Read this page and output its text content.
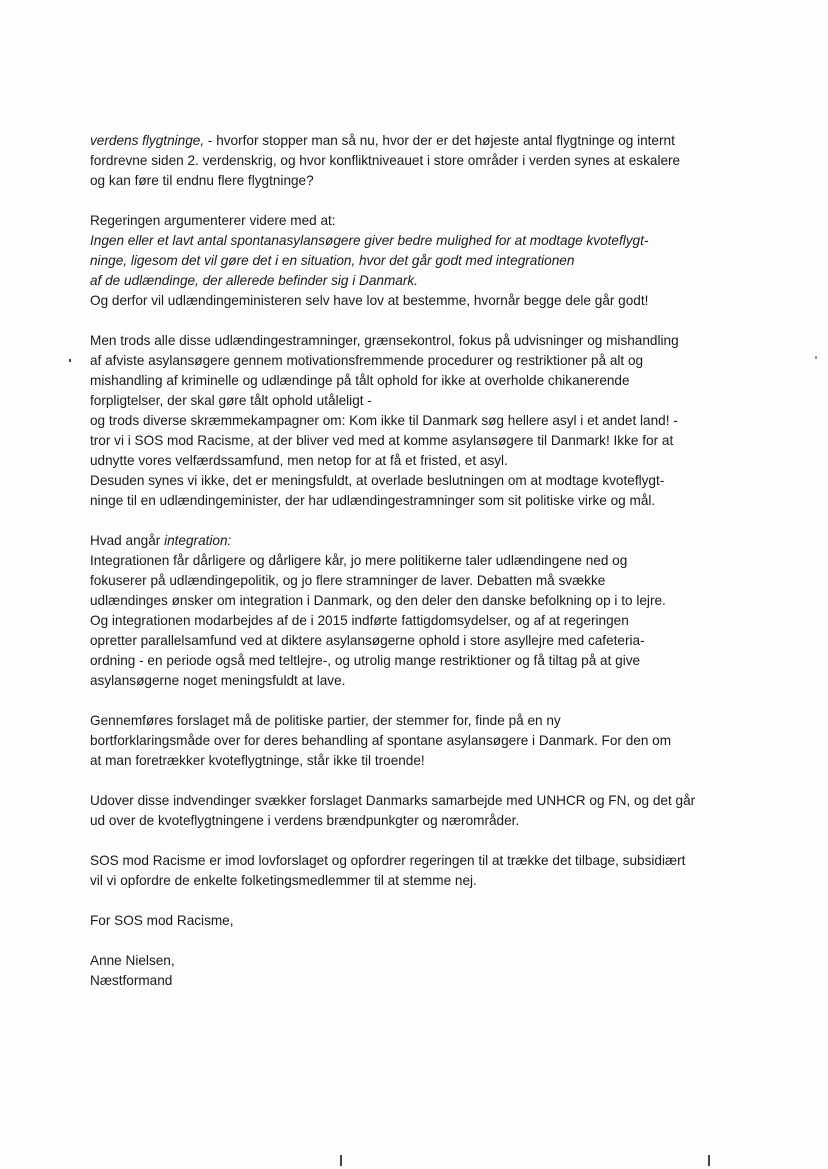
verdens flygtninge, - hvorfor stopper man så nu, hvor der er det højeste antal flygtninge og internt
fordrevne siden 2. verdenskrig, og hvor konfliktniveauet i store områder i verden synes at eskalere
og kan føre til endnu flere flygtninge?

Regeringen argumenterer videre med at:
Ingen eller et lavt antal spontanasylansøgere giver bedre mulighed for at modtage kvoteflygt-
ninge, ligesom det vil gøre det i en situation, hvor det går godt med integrationen
af de udlændinge, der allerede befinder sig i Danmark.
Og derfor vil udlændingeministeren selv have lov at bestemme, hvornår begge dele går godt!

Men trods alle disse udlændingestramninger, grænsekontrol, fokus på udvisninger og mishandling
af afviste asylansøgere gennem motivationsfremmende procedurer og restriktioner på alt og
mishandling af kriminelle og udlændinge på tålt ophold for ikke at overholde chikanerende
forpligtelser, der skal gøre tålt ophold utåleligt -
og trods diverse skræmmekampagner om: Kom ikke til Danmark søg hellere asyl i et andet land! -
tror vi i SOS mod Racisme, at der bliver ved med at komme asylansøgere til Danmark! Ikke for at
udnytte vores velfærdssamfund, men netop for at få et fristed, et asyl.
Desuden synes vi ikke, det er meningsfuldt, at overlade beslutningen om at modtage kvoteflygt-
ninge til en udlændingeminister, der har udlændingestramninger som sit politiske virke og mål.

Hvad angår integration:
Integrationen får dårligere og dårligere kår, jo mere politikerne taler udlændingene ned og
fokuserer på udlændingepolitik, og jo flere stramninger de laver. Debatten må svække
udlændinges ønsker om integration i Danmark, og den deler den danske befolkning op i to lejre.
Og integrationen modarbejdes af de i 2015 indførte fattigdomsydelser, og af at regeringen
opretter parallelsamfund ved at diktere asylansøgerne ophold i store asyllejre med cafeteria-
ordning - en periode også med teltlejre-, og utrolig mange restriktioner og få tiltag på at give
asylansøgerne noget meningsfuldt at lave.

Gennemføres forslaget må de politiske partier, der stemmer for, finde på en ny
bortforklaringsmåde over for deres behandling af spontane asylansøgere i Danmark. For den om
at man foretrækker kvoteflygtninge, står ikke til troende!

Udover disse indvendinger svækker forslaget Danmarks samarbejde med UNHCR og FN, og det går
ud over de kvoteflygtningene i verdens brændpunkgter og nærområder.

SOS mod Racisme er imod lovforslaget og opfordrer regeringen til at trække det tilbage, subsidiært
vil vi opfordre de enkelte folketingsmedlemmer til at stemme nej.

For SOS mod Racisme,

Anne Nielsen,
Næstformand
